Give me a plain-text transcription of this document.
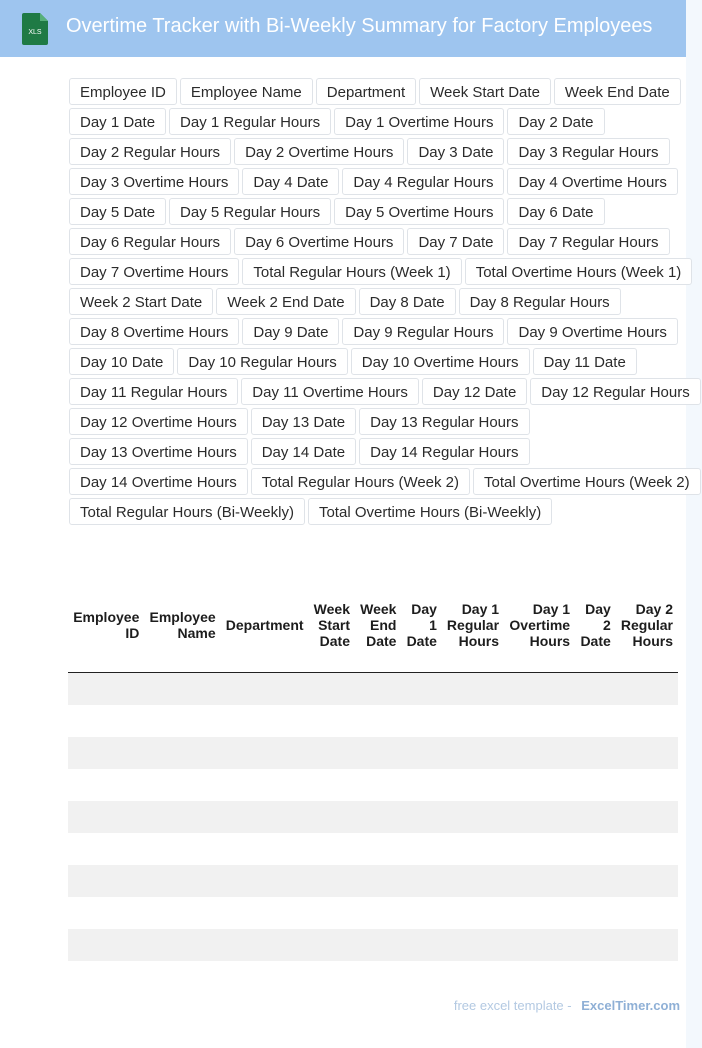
XLS Overtime Tracker with Bi-Weekly Summary for Factory Employees
Employee ID	Employee Name	Department	Week Start Date	Week End Date
Day 1 Date	Day 1 Regular Hours	Day 1 Overtime Hours	Day 2 Date
Day 2 Regular Hours	Day 2 Overtime Hours	Day 3 Date	Day 3 Regular Hours
Day 3 Overtime Hours	Day 4 Date	Day 4 Regular Hours	Day 4 Overtime Hours
Day 5 Date	Day 5 Regular Hours	Day 5 Overtime Hours	Day 6 Date
Day 6 Regular Hours	Day 6 Overtime Hours	Day 7 Date	Day 7 Regular Hours
Day 7 Overtime Hours	Total Regular Hours (Week 1)	Total Overtime Hours (Week 1)
Week 2 Start Date	Week 2 End Date	Day 8 Date	Day 8 Regular Hours
Day 8 Overtime Hours	Day 9 Date	Day 9 Regular Hours	Day 9 Overtime Hours
Day 10 Date	Day 10 Regular Hours	Day 10 Overtime Hours	Day 11 Date
Day 11 Regular Hours	Day 11 Overtime Hours	Day 12 Date	Day 12 Regular Hours
Day 12 Overtime Hours	Day 13 Date	Day 13 Regular Hours
Day 13 Overtime Hours	Day 14 Date	Day 14 Regular Hours
Day 14 Overtime Hours	Total Regular Hours (Week 2)	Total Overtime Hours (Week 2)
Total Regular Hours (Bi-Weekly)	Total Overtime Hours (Bi-Weekly)
Employee ID	Employee Name	Department	Week Start Date	Week End Date	Day 1 Date	Day 1 Regular Hours	Day 1 Overtime Hours	Day 2 Date	Day 2 Regular Hours

free excel template - ExcelTimer.com
